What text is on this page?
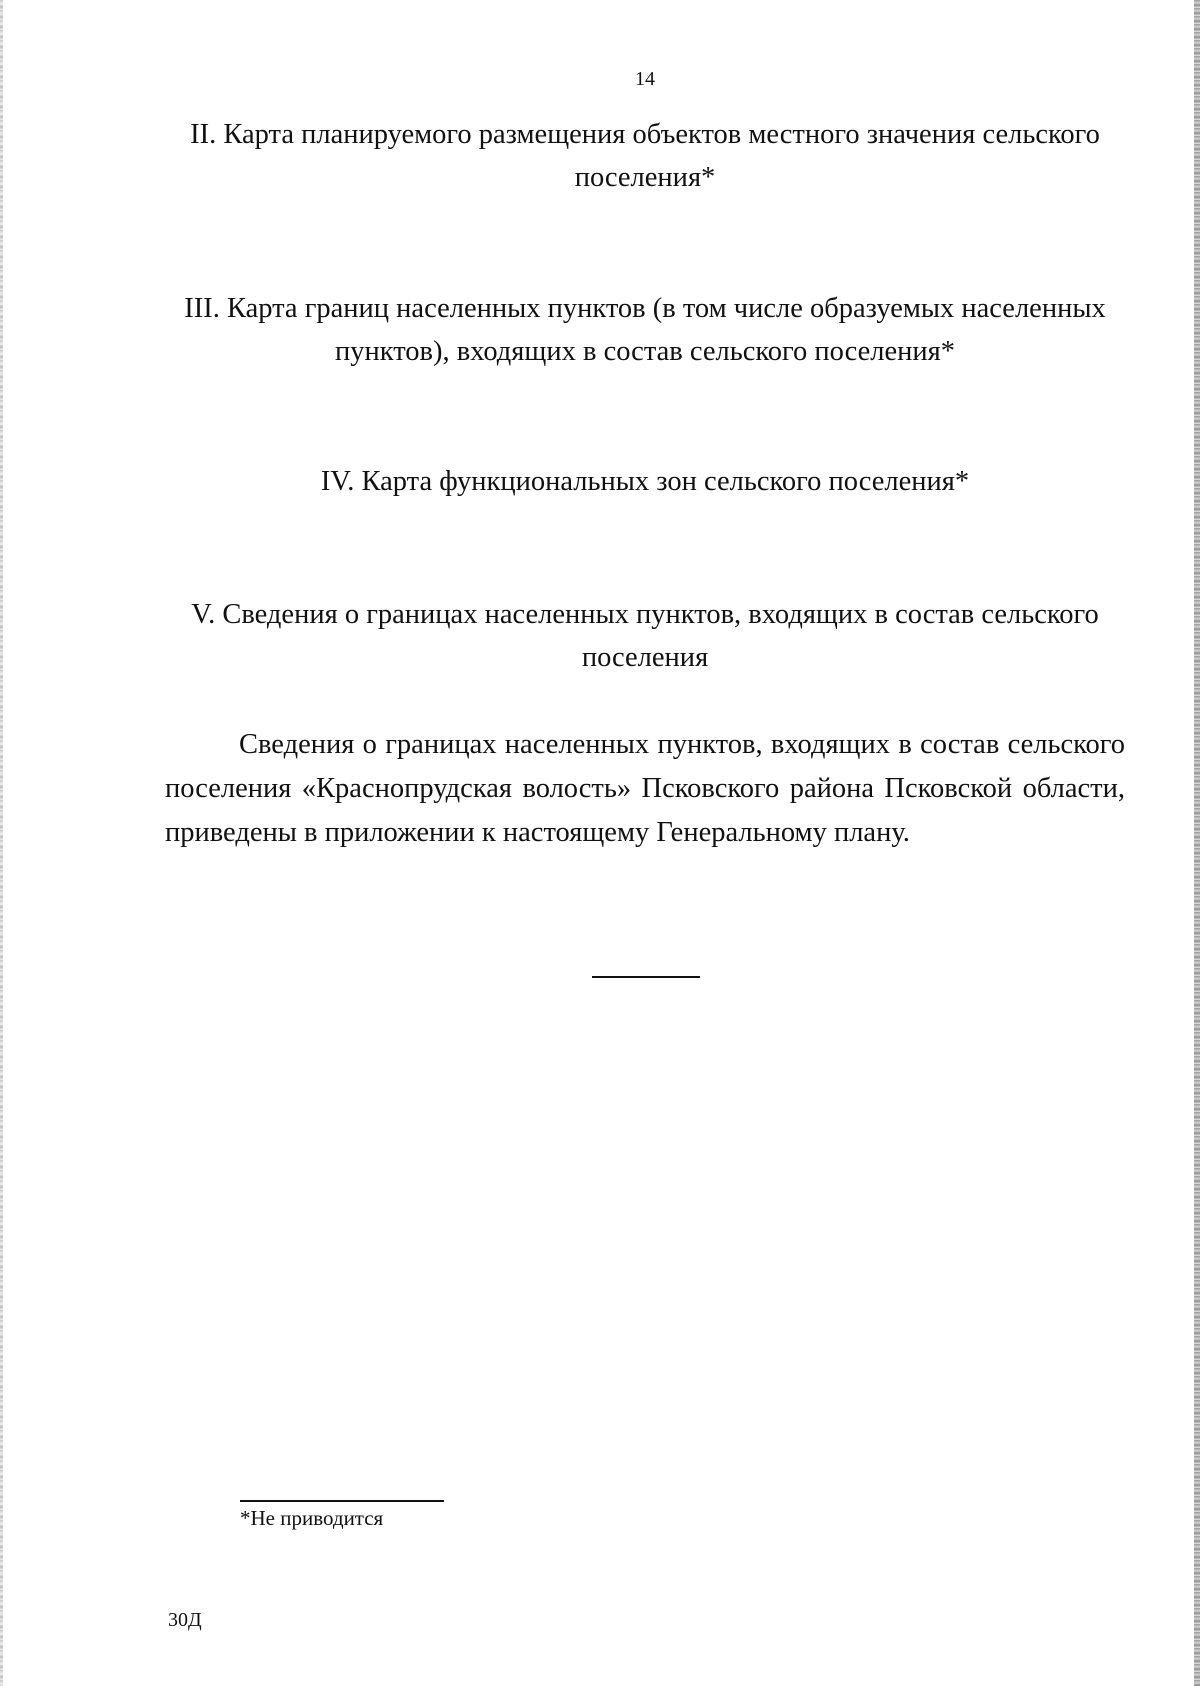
14
II. Карта планируемого размещения объектов местного значения сельского поселения*
III. Карта границ населенных пунктов (в том числе образуемых населенных пунктов), входящих в состав сельского поселения*
IV. Карта функциональных зон сельского поселения*
V. Сведения о границах населенных пунктов, входящих в состав сельского поселения

Сведения о границах населенных пунктов, входящих в состав сельского поселения «Краснопрудская волость» Псковского района Псковской области, приведены в приложении к настоящему Генеральному плану.

*Не приводится
30Д
